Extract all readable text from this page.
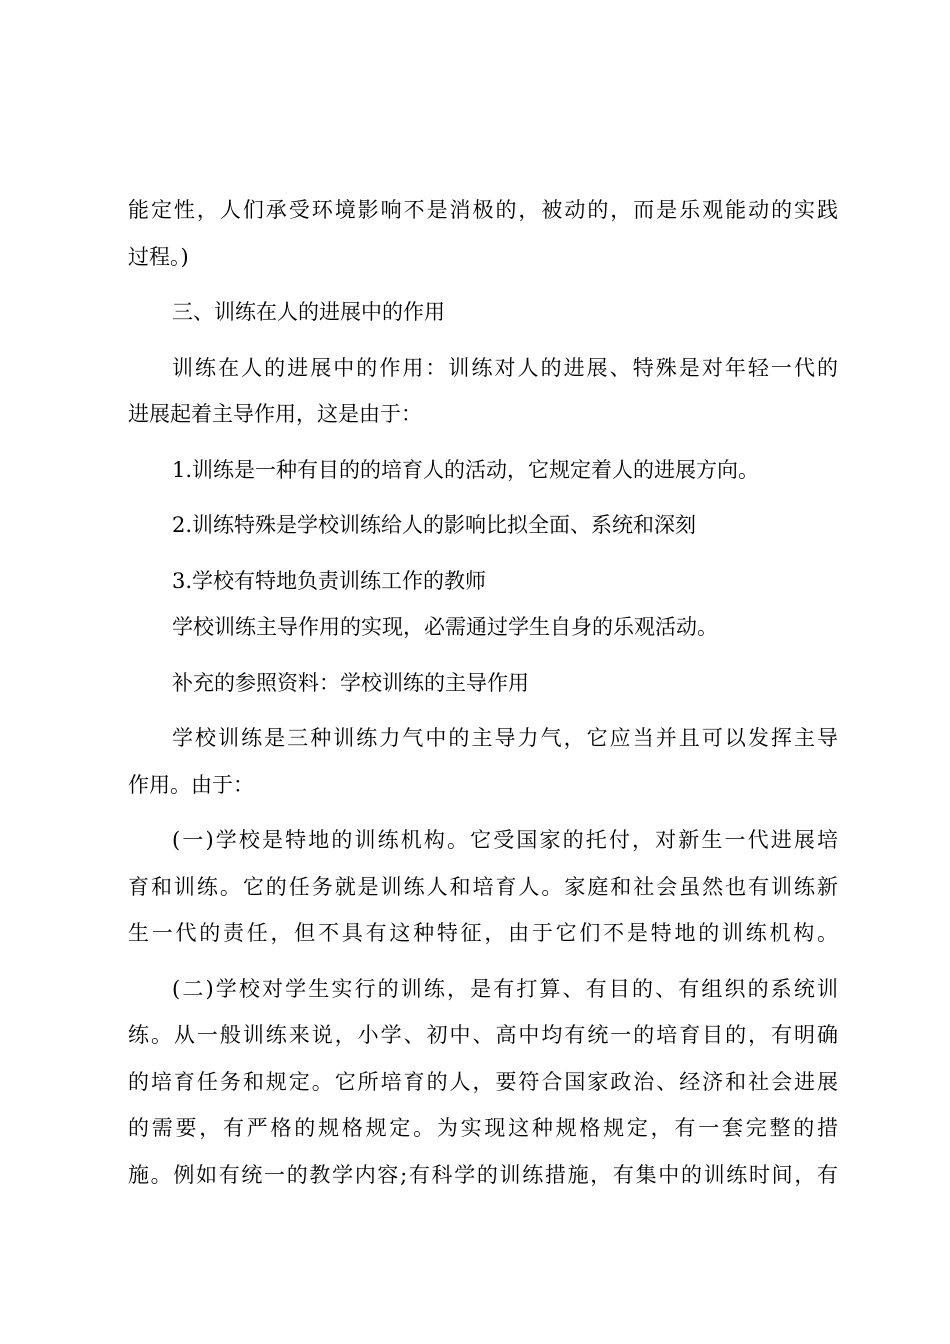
能定性，人们承受环境影响不是消极的，被动的，而是乐观能动的实践
过程。)
三、训练在人的进展中的作用
训练在人的进展中的作用：训练对人的进展、特殊是对年轻一代的
进展起着主导作用，这是由于：
1.训练是一种有目的的培育人的活动，它规定着人的进展方向。
2.训练特殊是学校训练给人的影响比拟全面、系统和深刻
3.学校有特地负责训练工作的教师
学校训练主导作用的实现，必需通过学生自身的乐观活动。
补充的参照资料：学校训练的主导作用
学校训练是三种训练力气中的主导力气，它应当并且可以发挥主导
作用。由于：
(一)学校是特地的训练机构。它受国家的托付，对新生一代进展培
育和训练。它的任务就是训练人和培育人。家庭和社会虽然也有训练新
生一代的责任，但不具有这种特征，由于它们不是特地的训练机构。
(二)学校对学生实行的训练，是有打算、有目的、有组织的系统训
练。从一般训练来说，小学、初中、高中均有统一的培育目的，有明确
的培育任务和规定。它所培育的人，要符合国家政治、经济和社会进展
的需要，有严格的规格规定。为实现这种规格规定，有一套完整的措
施。例如有统一的教学内容;有科学的训练措施，有集中的训练时间，有
